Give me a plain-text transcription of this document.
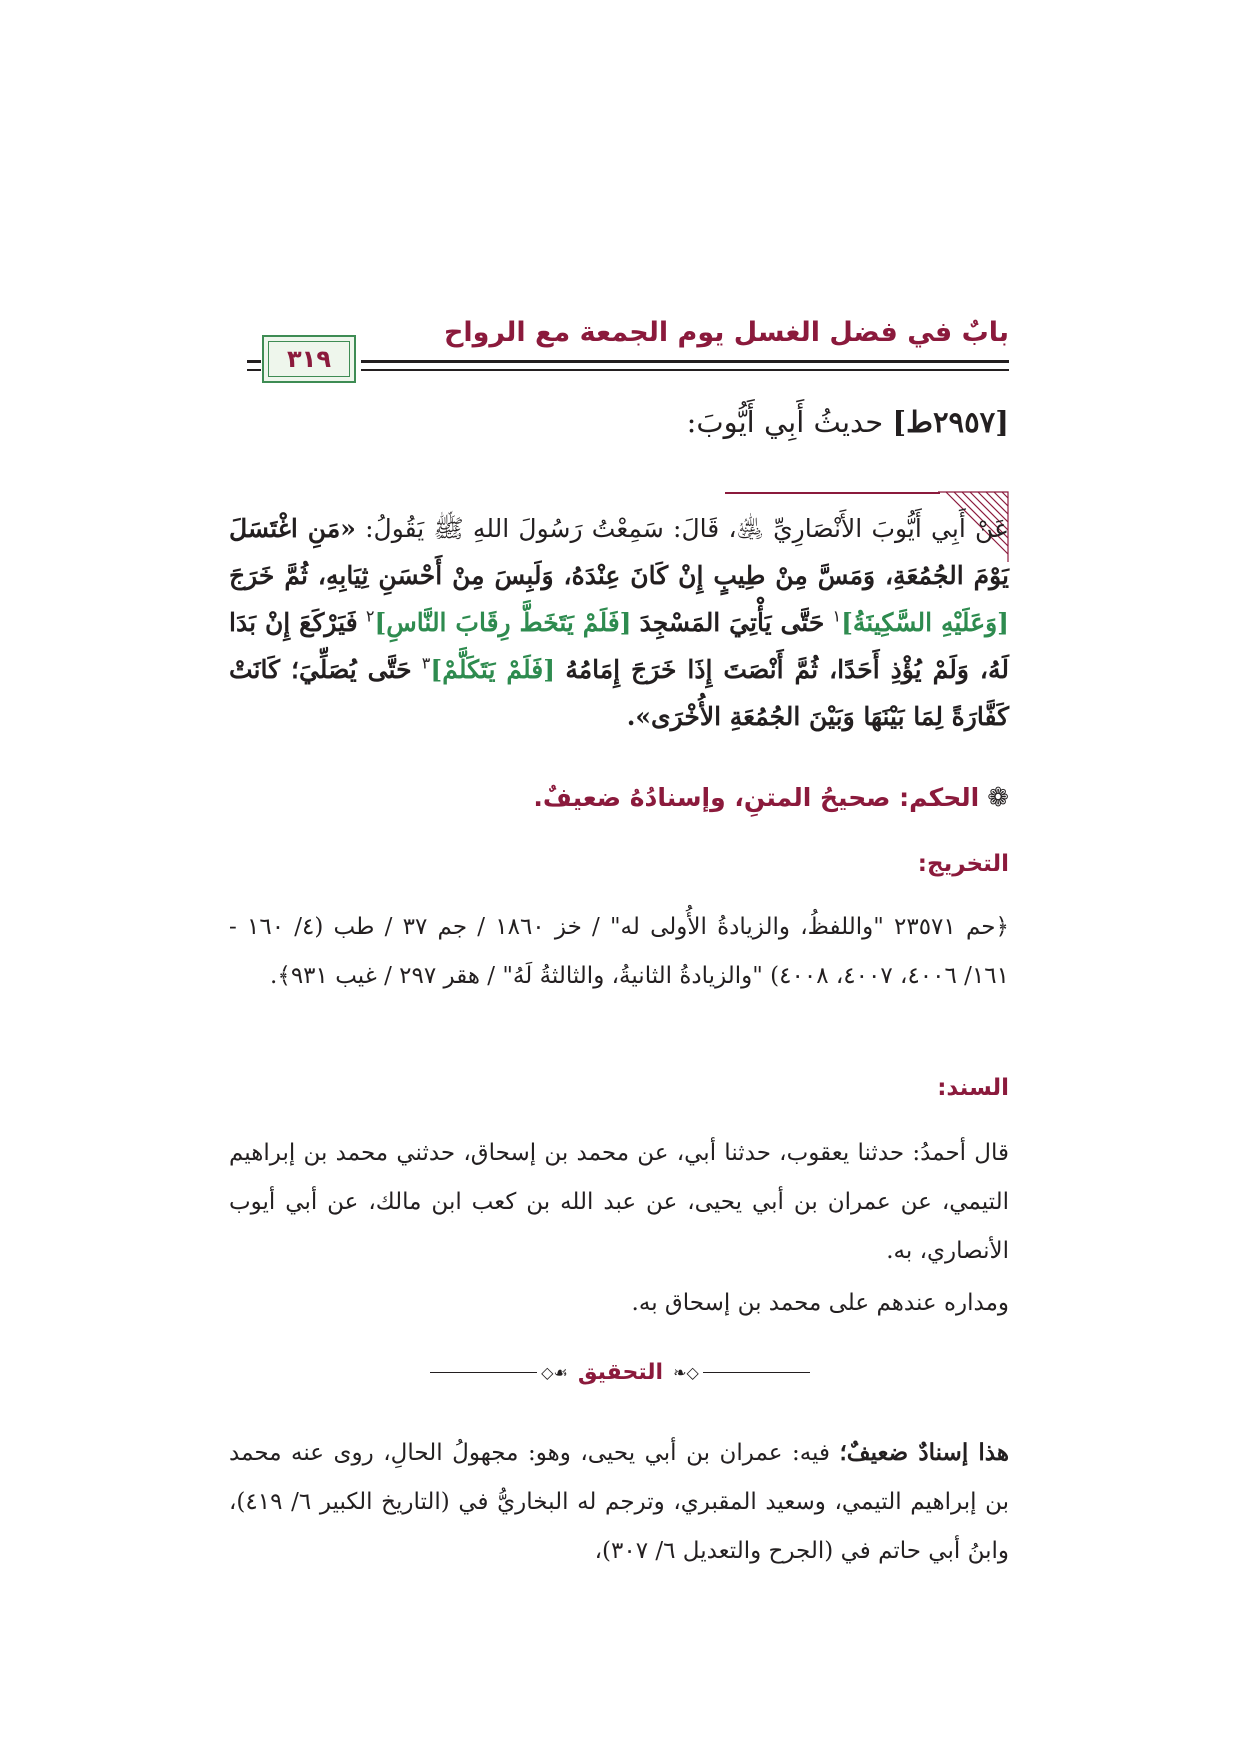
بابٌ في فضل الغسل يوم الجمعة مع الرواح
٣١٩
[٢٩٥٧ط] حديثُ أَبِي أَيُّوبَ:
عَنْ أَبِي أَيُّوبَ الأَنْصَارِيِّ ﵁، قَالَ: سَمِعْتُ رَسُولَ اللهِ ﷺ يَقُولُ: «مَنِ اغْتَسَلَ يَوْمَ الجُمُعَةِ، وَمَسَّ مِنْ طِيبٍ إِنْ كَانَ عِنْدَهُ، وَلَبِسَ مِنْ أَحْسَنِ ثِيَابِهِ، ثُمَّ خَرَجَ [وَعَلَيْهِ السَّكِينَةُ]$^١$ حَتَّى يَأْتِيَ المَسْجِدَ [فَلَمْ يَتَخَطَّ رِقَابَ النَّاسِ]$^٢$ فَيَرْكَعَ إِنْ بَدَا لَهُ، وَلَمْ يُؤْذِ أَحَدًا، ثُمَّ أَنْصَتَ إِذَا خَرَجَ إِمَامُهُ [فَلَمْ يَتَكَلَّمْ]$^٣$ حَتَّى يُصَلِّيَ؛ كَانَتْ كَفَّارَةً لِمَا بَيْنَهَا وَبَيْنَ الجُمُعَةِ الأُخْرَى».
❁الحكم: صحيحُ المتنِ، وإسنادُهُ ضعيفٌ.
التخريج:
﴿حم ٢٣٥٧١ "واللفظُ، والزيادةُ الأُولى له" / خز ١٨٦٠ / جم ٣٧ / طب (٤/ ١٦٠ - ١٦١/ ٤٠٠٦، ٤٠٠٧، ٤٠٠٨) "والزيادةُ الثانيةُ، والثالثةُ لَهُ" / هقر ٢٩٧ / غيب ٩٣١﴾.
السند:
قال أحمدُ: حدثنا يعقوب، حدثنا أبي، عن محمد بن إسحاق، حدثني محمد بن إبراهيم التيمي، عن عمران بن أبي يحيى، عن عبد الله بن كعب ابن مالك، عن أبي أيوب الأنصاري، به.
ومداره عندهم على محمد بن إسحاق به.
◇❧
التحقيق
☙◇
هذا إسنادٌ ضعيفٌ؛ فيه: عمران بن أبي يحيى، وهو: مجهولُ الحالِ، روى عنه محمد بن إبراهيم التيمي، وسعيد المقبري، وترجم له البخاريُّ في (التاريخ الكبير ٦/ ٤١٩)، وابنُ أبي حاتم في (الجرح والتعديل ٦/ ٣٠٧)،
